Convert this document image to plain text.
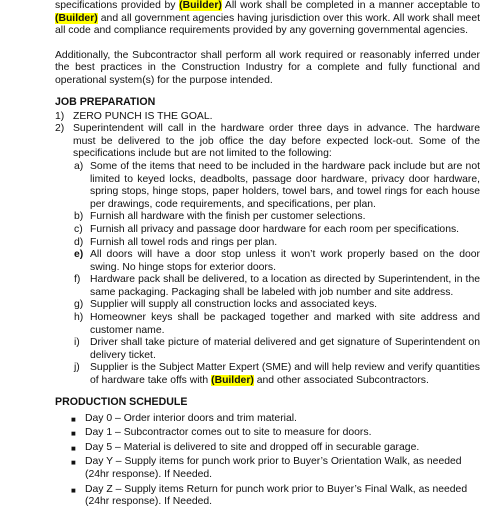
specifications provided by (Builder) All work shall be completed in a manner acceptable to (Builder) and all government agencies having jurisdiction over this work. All work shall meet all code and compliance requirements provided by any governing governmental agencies.

Additionally, the Subcontractor shall perform all work required or reasonably inferred under the best practices in the Construction Industry for a complete and fully functional and operational system(s) for the purpose intended.

JOB PREPARATION
1) ZERO PUNCH IS THE GOAL.
2) Superintendent will call in the hardware order three days in advance. The hardware must be delivered to the job office the day before expected lock-out. Some of the specifications include but are not limited to the following:
a) Some of the items that need to be included in the hardware pack include but are not limited to keyed locks, deadbolts, passage door hardware, privacy door hardware, spring stops, hinge stops, paper holders, towel bars, and towel rings for each house per drawings, code requirements, and specifications, per plan.
b) Furnish all hardware with the finish per customer selections.
c) Furnish all privacy and passage door hardware for each room per specifications.
d) Furnish all towel rods and rings per plan.
e) All doors will have a door stop unless it won’t work properly based on the door swing. No hinge stops for exterior doors.
f) Hardware pack shall be delivered, to a location as directed by Superintendent, in the same packaging. Packaging shall be labeled with job number and site address.
g) Supplier will supply all construction locks and associated keys.
h) Homeowner keys shall be packaged together and marked with site address and customer name.
i) Driver shall take picture of material delivered and get signature of Superintendent on delivery ticket.
j) Supplier is the Subject Matter Expert (SME) and will help review and verify quantities of hardware take offs with (Builder) and other associated Subcontractors.
PRODUCTION SCHEDULE
■ Day 0 – Order interior doors and trim material.
■ Day 1 – Subcontractor comes out to site to measure for doors.
■ Day 5 – Material is delivered to site and dropped off in securable garage.
■ Day Y – Supply items for punch work prior to Buyer’s Orientation Walk, as needed (24hr response). If Needed.
■ Day Z – Supply items Return for punch work prior to Buyer’s Final Walk, as needed (24hr response). If Needed.
